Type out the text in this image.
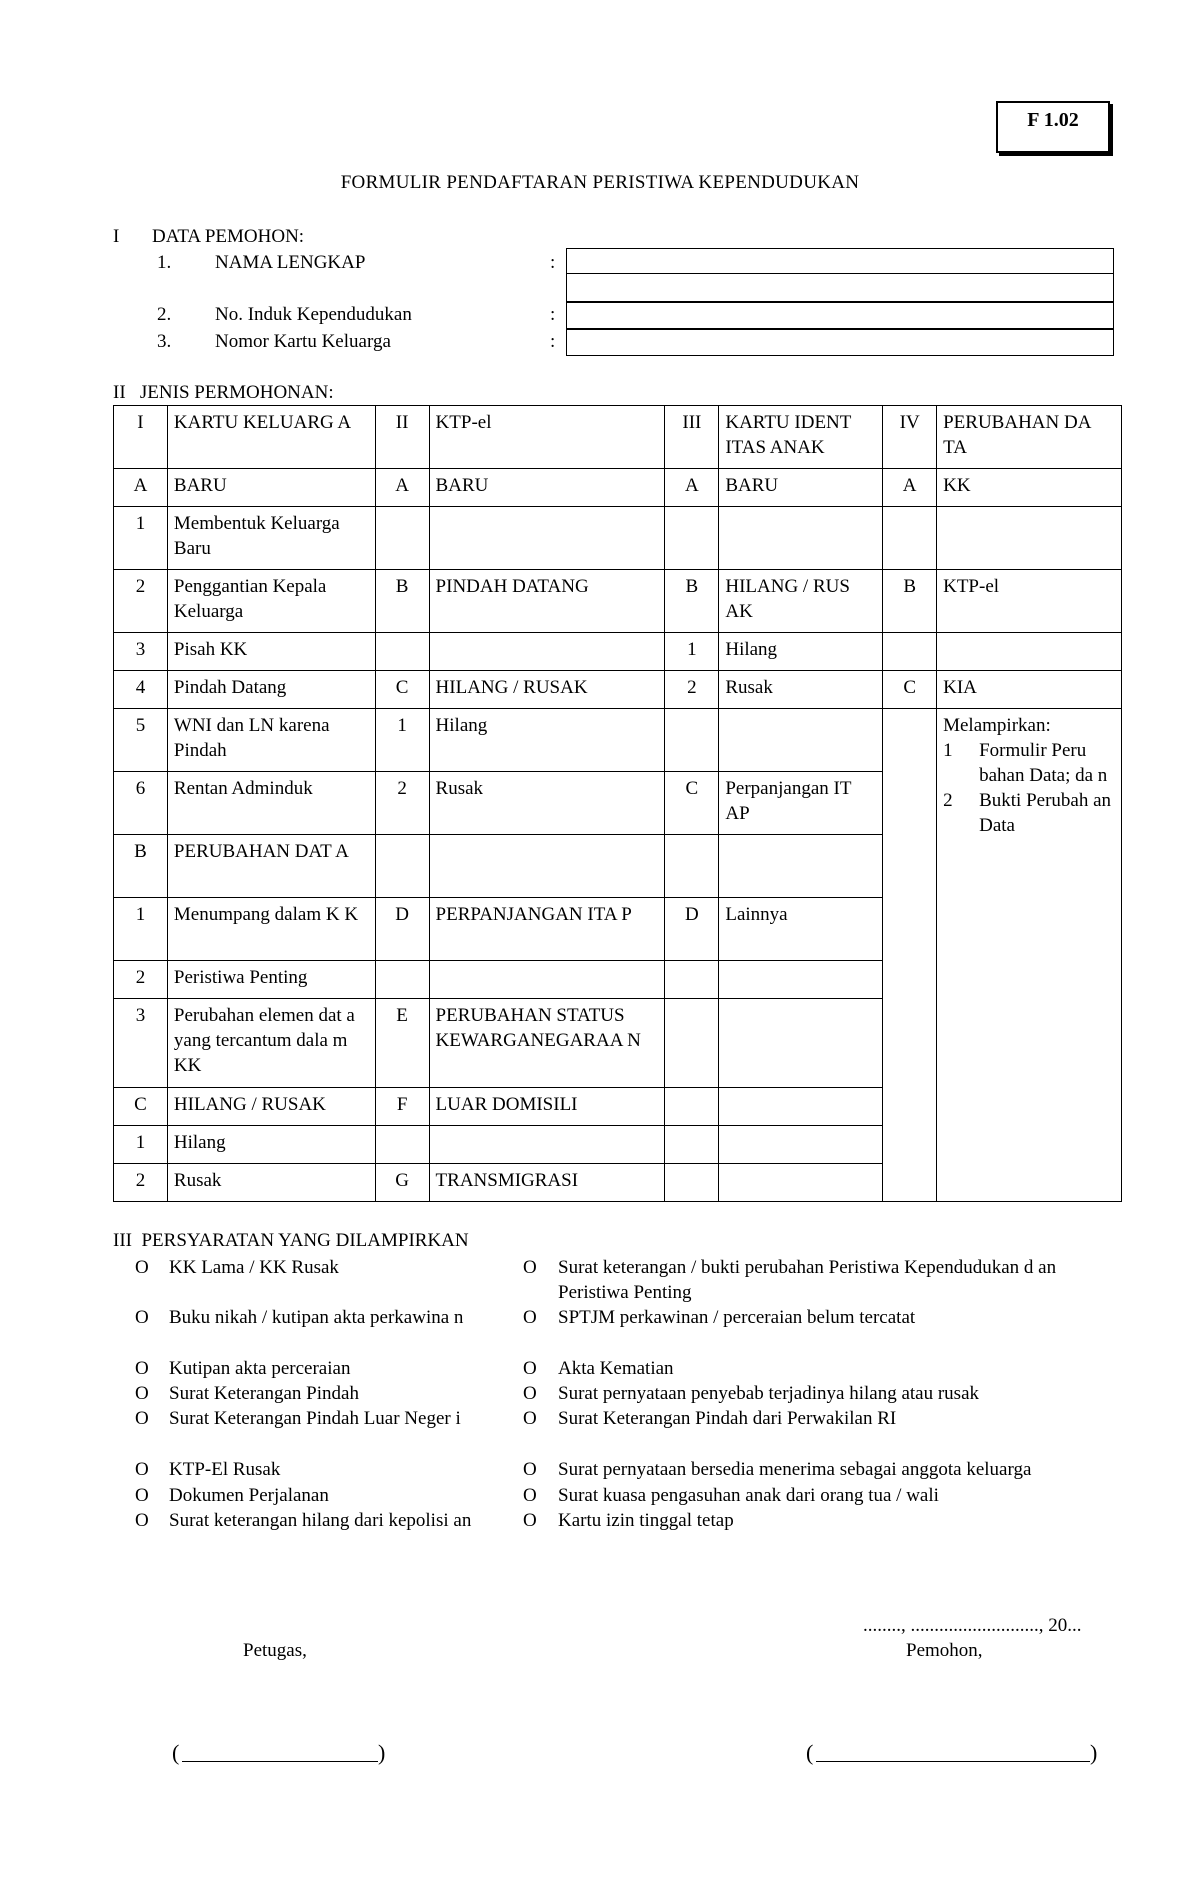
F 1.02
FORMULIR PENDAFTARAN PERISTIWA KEPENDUDUKAN
I DATA PEMOHON:
1. NAMA LENGKAP	:
2. No. Induk Kependudukan	:
3. Nomor Kartu Keluarga	:
II   JENIS PERMOHONAN:
I	KARTU KELUARG A	II	KTP-el	III	KARTU IDENT ITAS ANAK	IV	PERUBAHAN DA TA
A	BARU	A	BARU	A	BARU	A	KK
1	Membentuk Keluarga Baru						
2	Penggantian Kepala Keluarga	B	PINDAH DATANG	B	HILANG / RUS AK	B	KTP-el
3	Pisah KK			1	Hilang		
4	Pindah Datang	C	HILANG / RUSAK	2	Rusak	C	KIA
5	WNI dan LN karena Pindah	1	Hilang				Melampirkan:
1 Formulir Peru bahan Data; da n
2 Bukti Perubah an Data

6	Rentan Adminduk	2	Rusak	C	Perpanjangan IT AP		
B	PERUBAHAN DAT A						
1	Menumpang dalam K K	D	PERPANJANGAN ITA P	D	Lainnya		
2	Peristiwa Penting						
3	Perubahan elemen dat a yang tercantum dala m KK	E	PERUBAHAN STATUS KEWARGANEGARAA N				
C	HILANG / RUSAK	F	LUAR DOMISILI				
1	Hilang						
2	Rusak	G	TRANSMIGRASI				
III  PERSYARATAN YANG DILAMPIRKAN
O KK Lama / KK Rusak
O Buku nikah / kutipan akta perkawina n
O Kutipan akta perceraian
O Surat Keterangan Pindah
O Surat Keterangan Pindah Luar Neger i
O KTP-El Rusak
O Dokumen Perjalanan
O Surat keterangan hilang dari kepolisi an
O Surat keterangan / bukti perubahan Peristiwa Kependudukan d an Peristiwa Penting
O SPTJM perkawinan / perceraian belum tercatat
O Akta Kematian
O Surat pernyataan penyebab terjadinya hilang atau rusak
O Surat Keterangan Pindah dari Perwakilan RI
O Surat pernyataan bersedia menerima sebagai anggota keluarga
O Surat kuasa pengasuhan anak dari orang tua / wali
O Kartu izin tinggal tetap
........, ..........................., 20...
Petugas,	Pemohon,
(	)	(	)
